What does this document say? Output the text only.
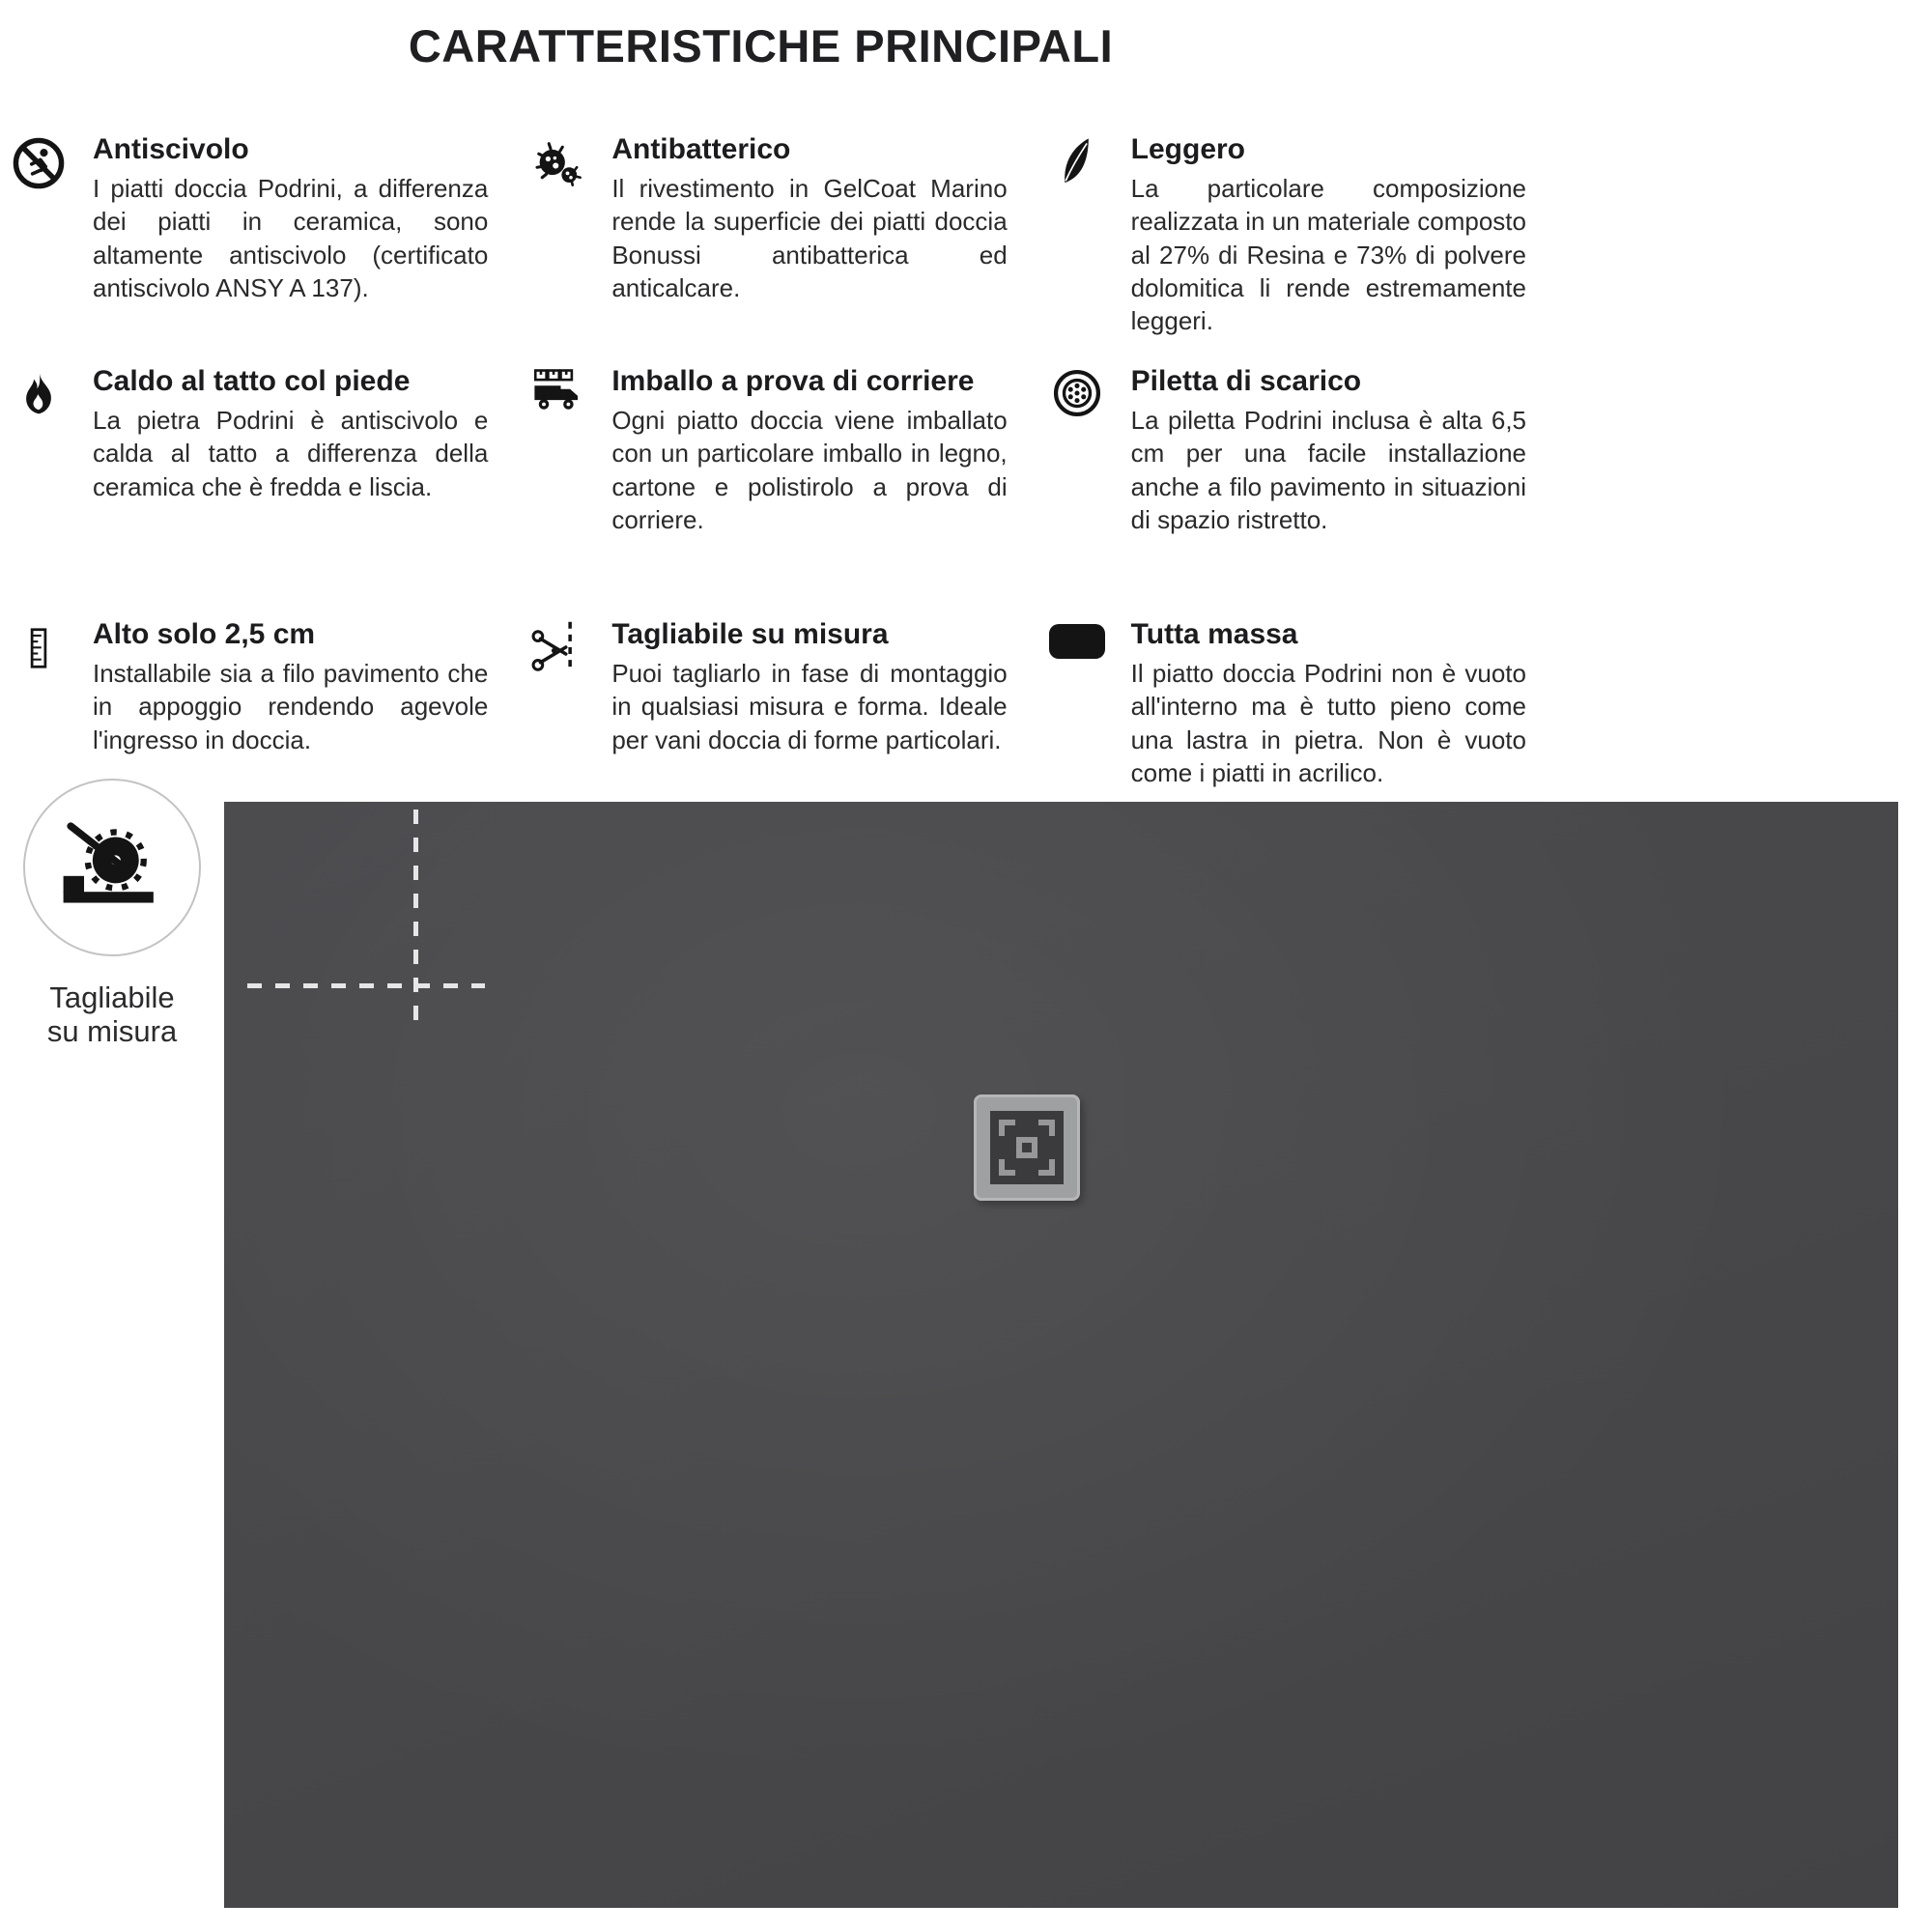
CARATTERISTICHE PRINCIPALI
Antiscivolo

I piatti doccia Podrini, a differenza dei piatti in ceramica, sono altamente antiscivolo (certificato antiscivolo ANSY A 137).

Antibatterico

Il rivestimento in GelCoat Marino rende la superficie dei piatti doccia Bonussi antibatterica ed anticalcare.

Leggero

La particolare composizione realizzata in un materiale composto al 27% di Resina e 73% di polvere dolomitica li rende estremamente leggeri.

Caldo al tatto col piede

La pietra Podrini è antiscivolo e calda al tatto a differenza della ceramica che è fredda e liscia.

Imballo a prova di corriere

Ogni piatto doccia viene imballato con un particolare imballo in legno, cartone e polistirolo a prova di corriere.

Piletta di scarico

La piletta Podrini inclusa è alta 6,5 cm per una facile installazione anche a filo pavimento in situazioni di spazio ristretto.

Alto solo 2,5 cm

Installabile sia a filo pavimento che in appoggio rendendo agevole l'ingresso in doccia.

Tagliabile su misura

Puoi tagliarlo in fase di montaggio in qualsiasi misura e forma. Ideale per vani doccia di forme particolari.

Tutta massa

Il piatto doccia Podrini non è vuoto all'interno ma è tutto pieno come una lastra in pietra. Non è vuoto come i piatti in acrilico.

Tagliabile
su misura
